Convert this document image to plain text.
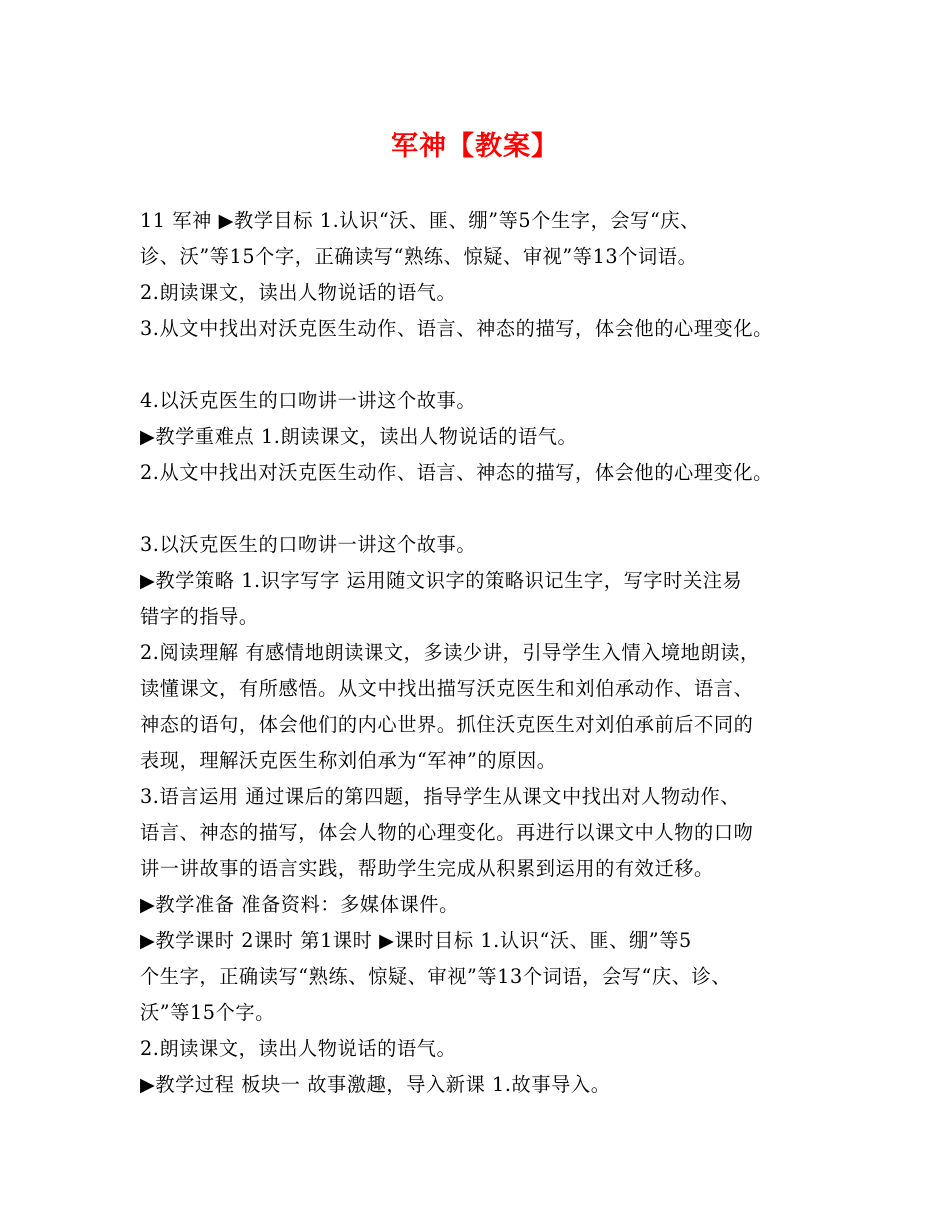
军神【教案】
11 军神 ▶教学目标 1.认识“沃、匪、绷”等5个生字，会写“庆、
诊、沃”等15个字，正确读写“熟练、惊疑、审视”等13个词语。
2.朗读课文，读出人物说话的语气。
3.从文中找出对沃克医生动作、语言、神态的描写，体会他的心理变化。
4.以沃克医生的口吻讲一讲这个故事。
▶教学重难点 1.朗读课文，读出人物说话的语气。
2.从文中找出对沃克医生动作、语言、神态的描写，体会他的心理变化。
3.以沃克医生的口吻讲一讲这个故事。
▶教学策略 1.识字写字 运用随文识字的策略识记生字，写字时关注易
错字的指导。
2.阅读理解 有感情地朗读课文，多读少讲，引导学生入情入境地朗读，
读懂课文，有所感悟。从文中找出描写沃克医生和刘伯承动作、语言、
神态的语句，体会他们的内心世界。抓住沃克医生对刘伯承前后不同的
表现，理解沃克医生称刘伯承为“军神”的原因。
3.语言运用 通过课后的第四题，指导学生从课文中找出对人物动作、
语言、神态的描写，体会人物的心理变化。再进行以课文中人物的口吻
讲一讲故事的语言实践，帮助学生完成从积累到运用的有效迁移。
▶教学准备 准备资料：多媒体课件。
▶教学课时 2课时 第1课时 ▶课时目标 1.认识“沃、匪、绷”等5
个生字，正确读写“熟练、惊疑、审视”等13个词语，会写“庆、诊、
沃”等15个字。
2.朗读课文，读出人物说话的语气。
▶教学过程 板块一 故事激趣，导入新课 1.故事导入。
